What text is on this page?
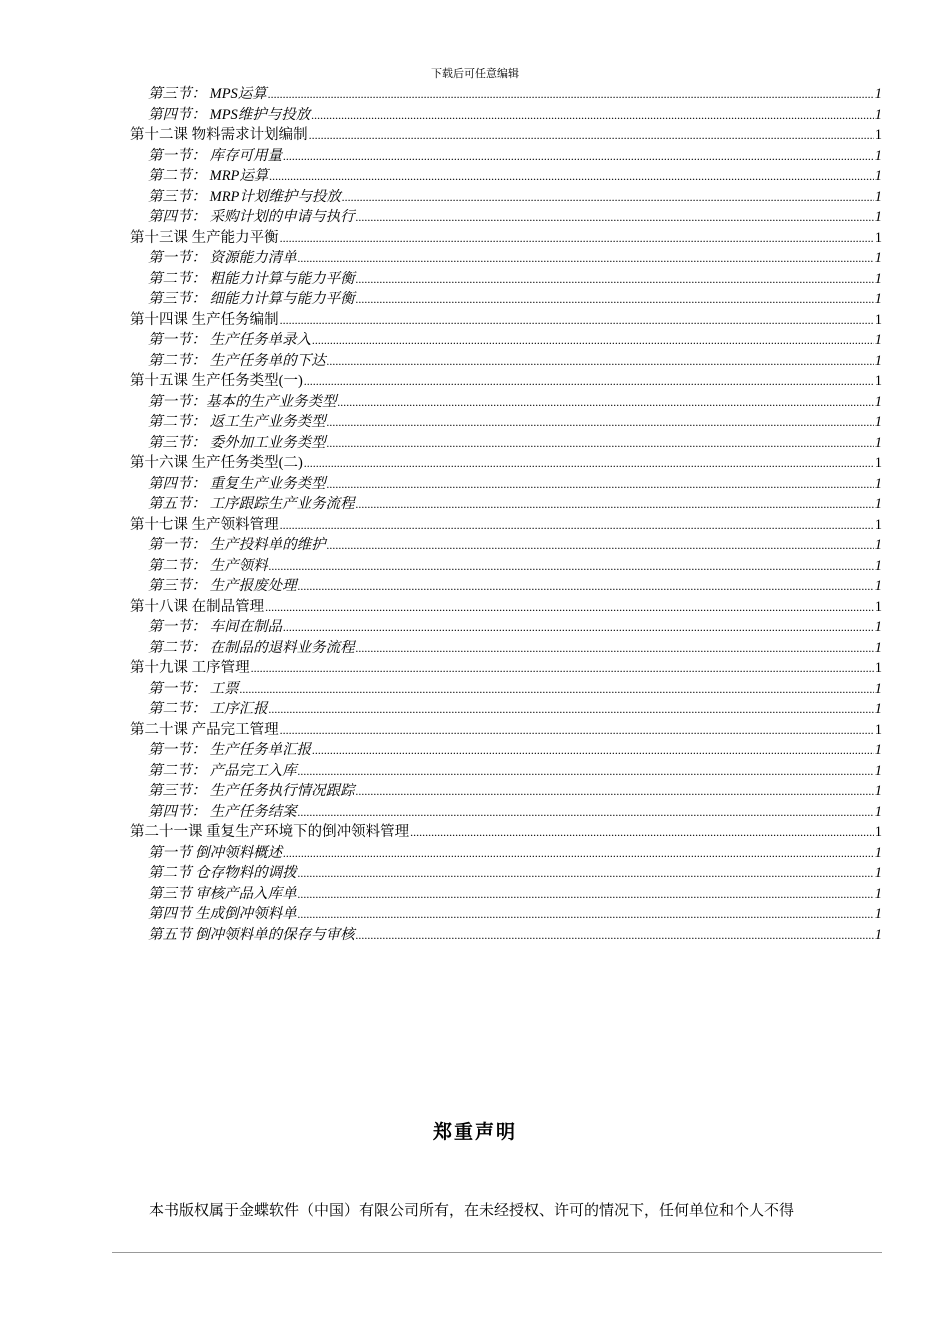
下载后可任意编辑
第三节： MPS运算 .....	1
第四节： MPS维护与投放 .....	1
第十二课 物料需求计划编制 .....	1
第一节： 库存可用量 .....	1
第二节： MRP运算 .....	1
第三节： MRP计划维护与投放 .....	1
第四节： 采购计划的申请与执行 .....	1
第十三课 生产能力平衡 .....	1
第一节： 资源能力清单 .....	1
第二节： 粗能力计算与能力平衡 .....	1
第三节： 细能力计算与能力平衡 .....	1
第十四课 生产任务编制 .....	1
第一节： 生产任务单录入 .....	1
第二节： 生产任务单的下达 .....	1
第十五课 生产任务类型(一) .....	1
第一节：基本的生产业务类型 .....	1
第二节： 返工生产业务类型 .....	1
第三节： 委外加工业务类型 .....	1
第十六课 生产任务类型(二) .....	1
第四节： 重复生产业务类型 .....	1
第五节： 工序跟踪生产业务流程 .....	1
第十七课 生产领料管理 .....	1
第一节： 生产投料单的维护 .....	1
第二节： 生产领料 .....	1
第三节： 生产报废处理 .....	1
第十八课 在制品管理 .....	1
第一节： 车间在制品 .....	1
第二节： 在制品的退料业务流程 .....	1
第十九课 工序管理 .....	1
第一节： 工票 .....	1
第二节： 工序汇报 .....	1
第二十课 产品完工管理 .....	1
第一节： 生产任务单汇报 .....	1
第二节： 产品完工入库 .....	1
第三节： 生产任务执行情况跟踪 .....	1
第四节： 生产任务结案 .....	1
第二十一课 重复生产环境下的倒冲领料管理 .....	1
第一节 倒冲领料概述 .....	1
第二节 仓存物料的调拨 .....	1
第三节 审核产品入库单 .....	1
第四节 生成倒冲领料单 .....	1
第五节 倒冲领料单的保存与审核 .....	1
郑重声明
本书版权属于金蝶软件（中国）有限公司所有，在未经授权、许可的情况下，任何单位和个人不得
